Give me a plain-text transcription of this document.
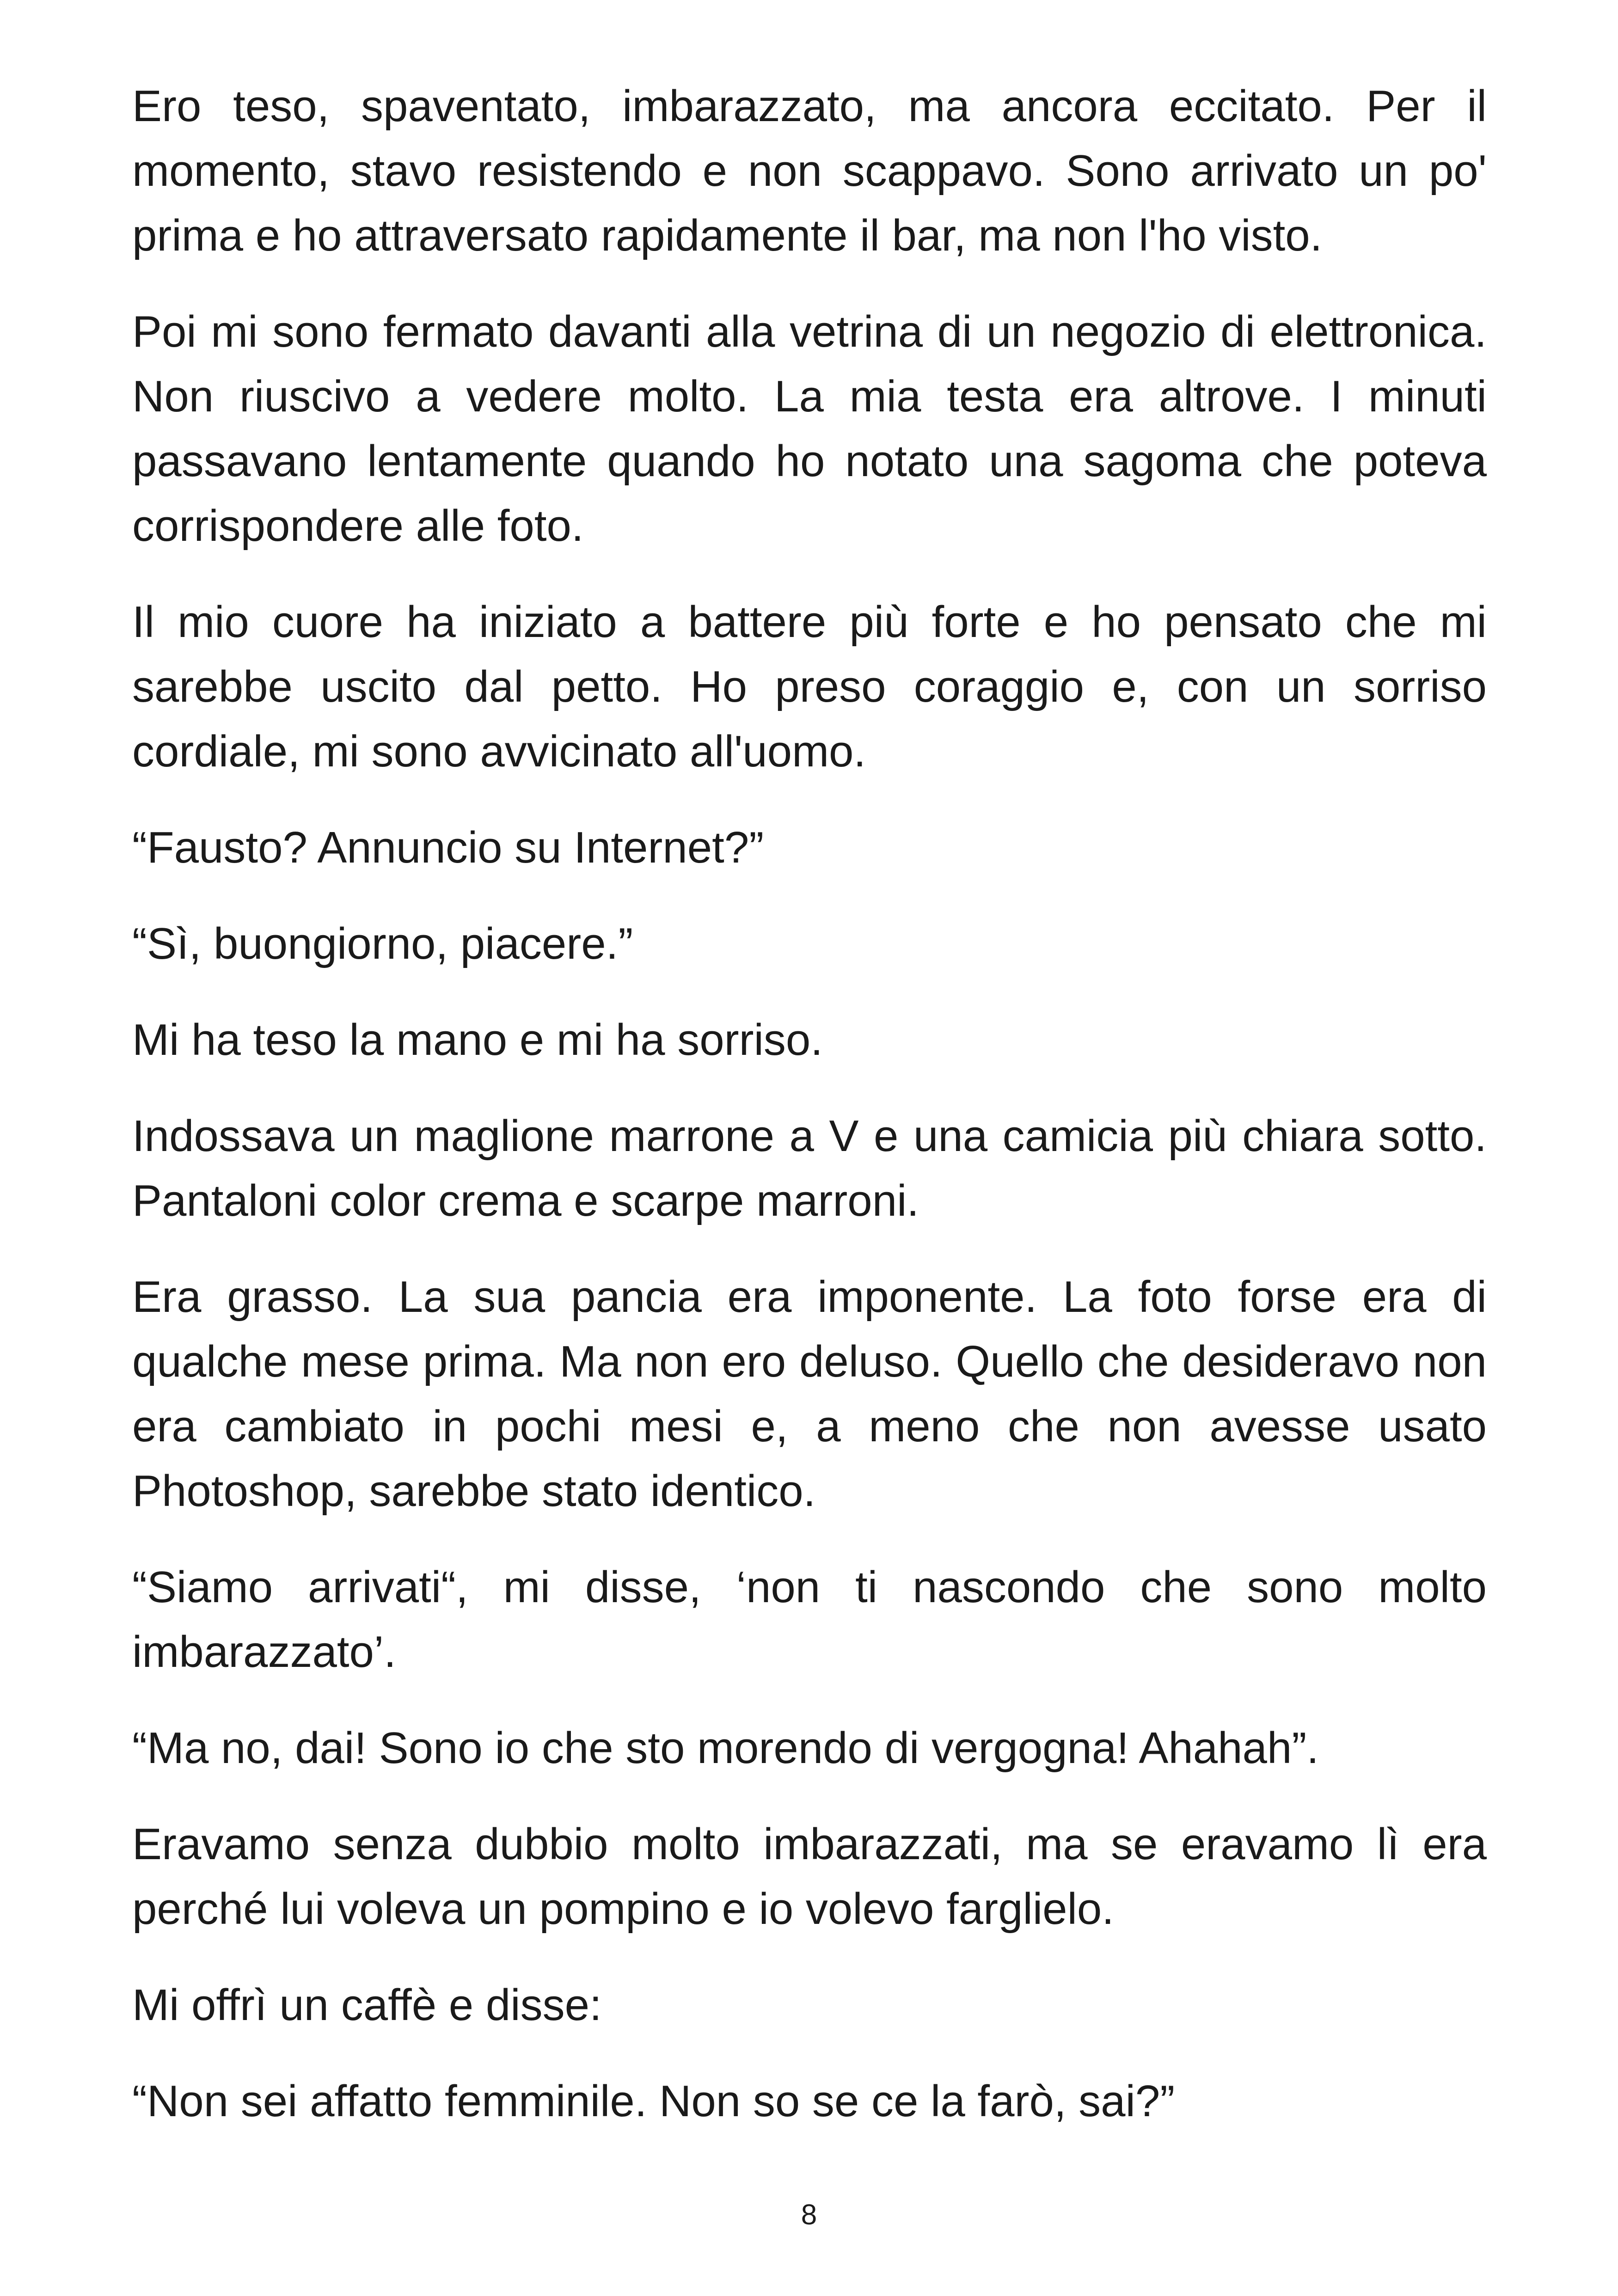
Ero teso, spaventato, imbarazzato, ma ancora eccitato. Per il momento, stavo resistendo e non scappavo. Sono arrivato un po' prima e ho attraversato rapidamente il bar, ma non l'ho visto.

Poi mi sono fermato davanti alla vetrina di un negozio di elettronica. Non riuscivo a vedere molto. La mia testa era altrove. I minuti passavano lentamente quando ho notato una sagoma che poteva corrispondere alle foto.

Il mio cuore ha iniziato a battere più forte e ho pensato che mi sarebbe uscito dal petto. Ho preso coraggio e, con un sorriso cordiale, mi sono avvicinato all'uomo.

“Fausto? Annuncio su Internet?”

“Sì, buongiorno, piacere.”

Mi ha teso la mano e mi ha sorriso.

Indossava un maglione marrone a V e una camicia più chiara sotto. Pantaloni color crema e scarpe marroni.

Era grasso. La sua pancia era imponente. La foto forse era di qualche mese prima. Ma non ero deluso. Quello che desideravo non era cambiato in pochi mesi e, a meno che non avesse usato Photoshop, sarebbe stato identico.

“Siamo arrivati“, mi disse, ‘non ti nascondo che sono molto imbarazzato’.

“Ma no, dai! Sono io che sto morendo di vergogna! Ahahah”.

Eravamo senza dubbio molto imbarazzati, ma se eravamo lì era perché lui voleva un pompino e io volevo farglielo.

Mi offrì un caffè e disse:

“Non sei affatto femminile. Non so se ce la farò, sai?”

8
